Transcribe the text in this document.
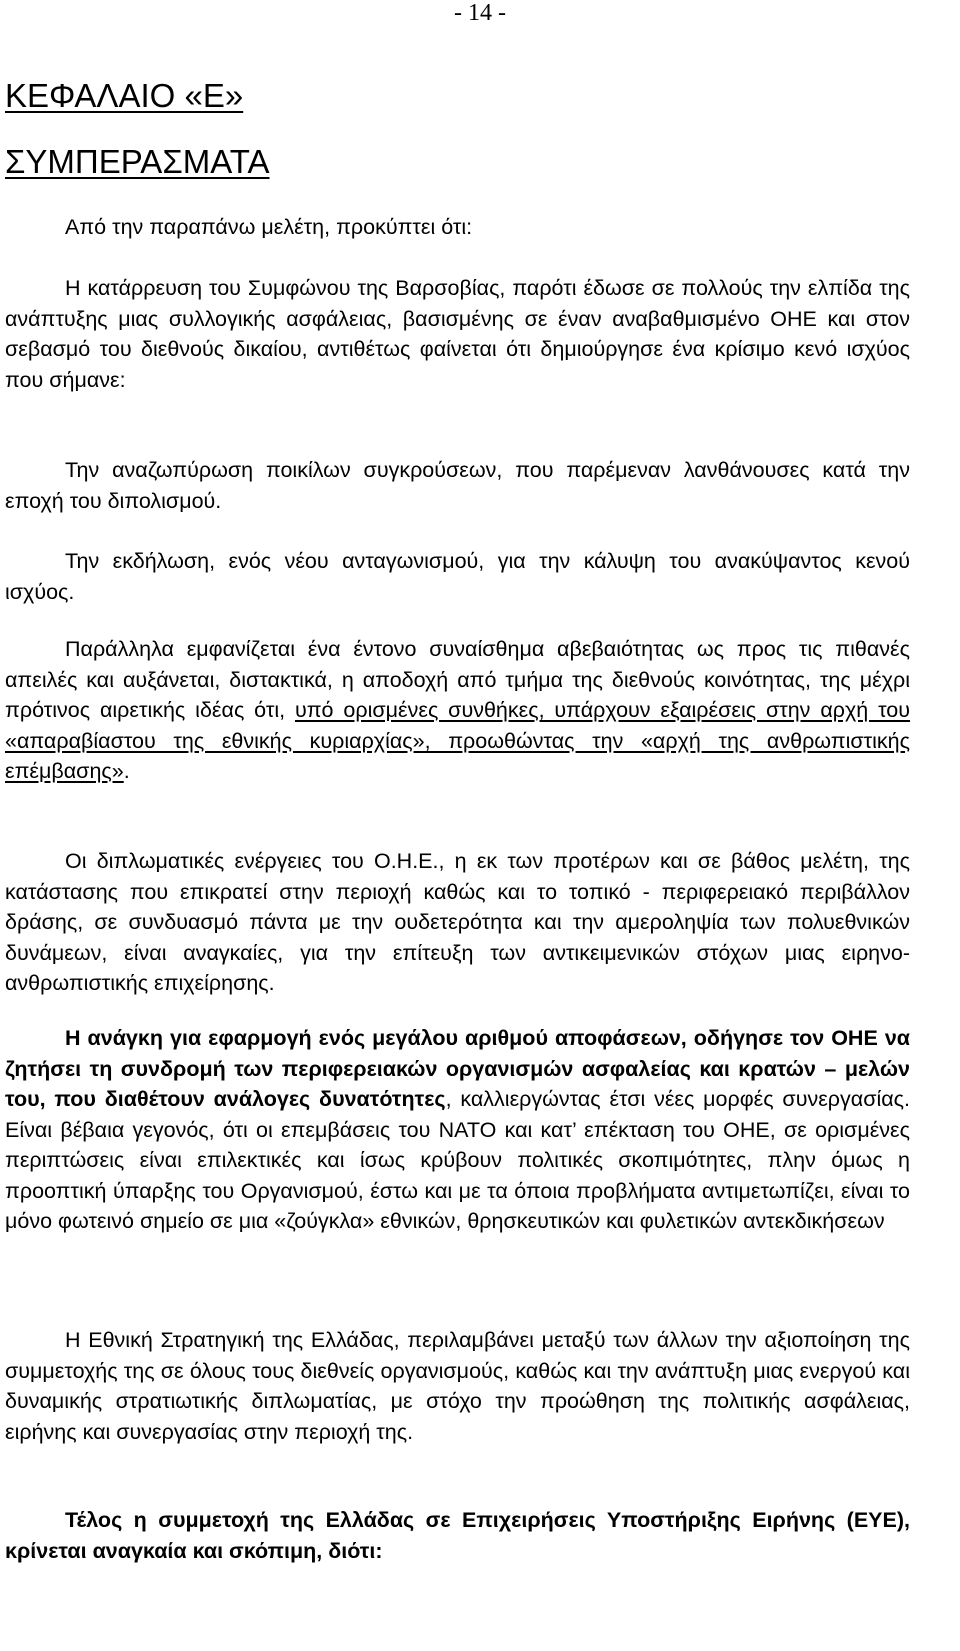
- 14 -
ΚΕΦΑΛΑΙΟ «Ε»
ΣΥΜΠΕΡΑΣΜΑΤΑ

Από την παραπάνω μελέτη, προκύπτει ότι:

Η κατάρρευση του Συμφώνου της Βαρσοβίας, παρότι έδωσε σε πολλούς την ελπίδα της ανάπτυξης μιας συλλογικής ασφάλειας, βασισμένης σε έναν αναβαθμισμένο ΟΗΕ και στον σεβασμό του διεθνούς δικαίου, αντιθέτως φαίνεται ότι δημιούργησε ένα κρίσιμο κενό ισχύος που σήμανε:

Την αναζωπύρωση ποικίλων συγκρούσεων, που παρέμεναν λανθάνουσες κατά την εποχή του διπολισμού.

Την εκδήλωση, ενός νέου ανταγωνισμού, για την κάλυψη του ανακύψαντος κενού ισχύος.

Παράλληλα εμφανίζεται ένα έντονο συναίσθημα αβεβαιότητας ως προς τις πιθανές απειλές και αυξάνεται, διστακτικά, η αποδοχή από τμήμα της διεθνούς κοινότητας, της μέχρι πρότινος αιρετικής ιδέας ότι, υπό ορισμένες συνθήκες, υπάρχουν εξαιρέσεις στην αρχή του «απαραβίαστου της εθνικής κυριαρχίας», προωθώντας την «αρχή της ανθρωπιστικής επέμβασης».

Οι διπλωματικές ενέργειες του Ο.Η.Ε., η εκ των προτέρων και σε βάθος μελέτη, της κατάστασης που επικρατεί στην περιοχή καθώς και το τοπικό - περιφερειακό περιβάλλον δράσης, σε συνδυασμό πάντα με την ουδετερότητα και την αμεροληψία των πολυεθνικών δυνάμεων, είναι αναγκαίες, για την επίτευξη των αντικειμενικών στόχων μιας ειρηνο-ανθρωπιστικής επιχείρησης.

Η ανάγκη για εφαρμογή ενός μεγάλου αριθμού αποφάσεων, οδήγησε τον ΟΗΕ να ζητήσει τη συνδρομή των περιφερειακών οργανισμών ασφαλείας και κρατών – μελών του, που διαθέτουν ανάλογες δυνατότητες, καλλιεργώντας έτσι νέες μορφές συνεργασίας. Είναι βέβαια γεγονός, ότι οι επεμβάσεις του ΝΑΤΟ και κατ’ επέκταση του ΟΗΕ, σε ορισμένες περιπτώσεις είναι επιλεκτικές και ίσως κρύβουν πολιτικές σκοπιμότητες, πλην όμως η προοπτική ύπαρξης του Οργανισμού, έστω και με τα όποια προβλήματα αντιμετωπίζει, είναι το μόνο φωτεινό σημείο σε μια «ζούγκλα» εθνικών, θρησκευτικών και φυλετικών αντεκδικήσεων

Η Εθνική Στρατηγική της Ελλάδας, περιλαμβάνει μεταξύ των άλλων την αξιοποίηση της συμμετοχής της σε όλους τους διεθνείς οργανισμούς, καθώς και την ανάπτυξη μιας ενεργού και δυναμικής στρατιωτικής διπλωματίας, με στόχο την προώθηση της πολιτικής ασφάλειας, ειρήνης και συνεργασίας στην περιοχή της.

Τέλος η συμμετοχή της Ελλάδας σε Επιχειρήσεις Υποστήριξης Ειρήνης (ΕΥΕ), κρίνεται αναγκαία και σκόπιμη, διότι:
